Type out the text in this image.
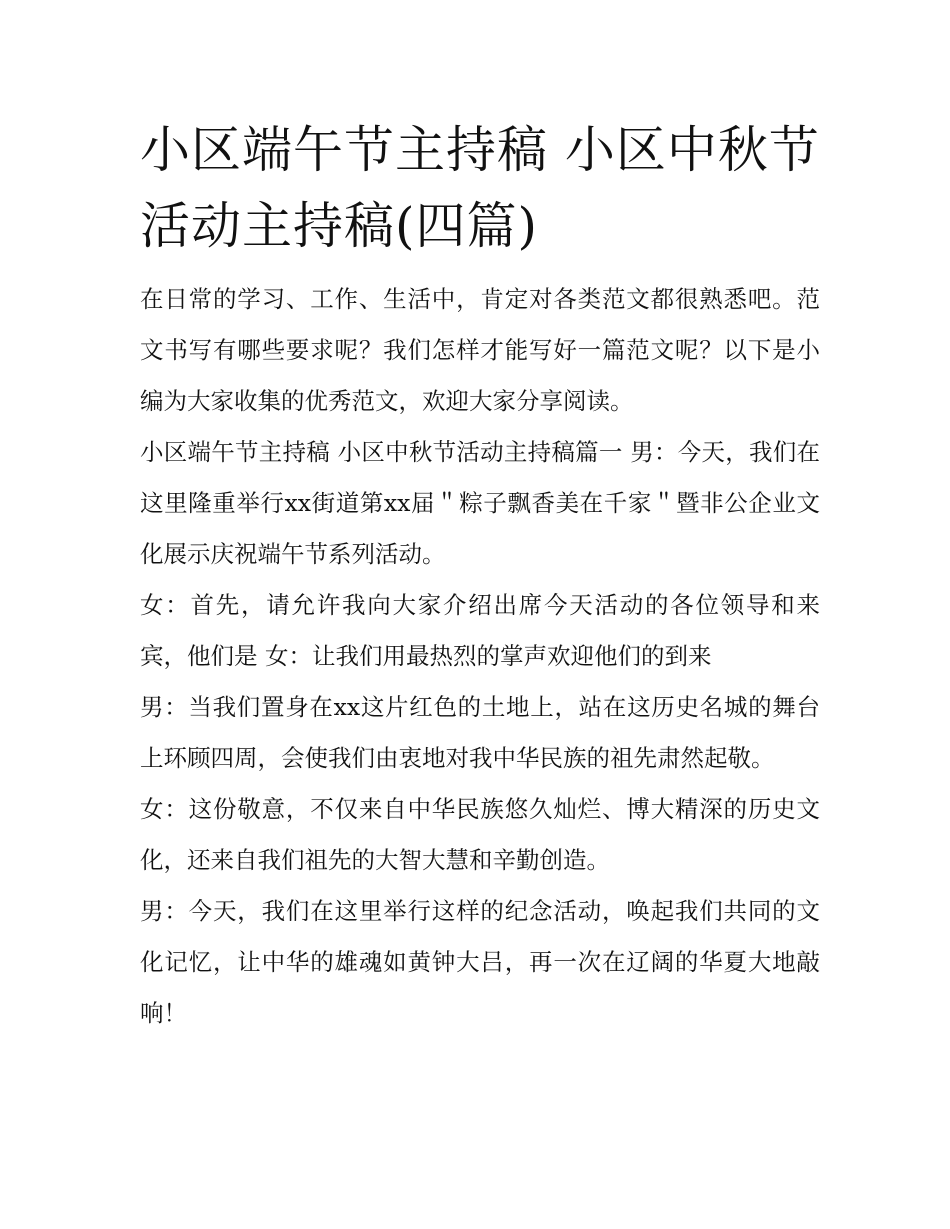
小区端午节主持稿 小区中秋节活动主持稿(四篇)

在日常的学习、工作、生活中，肯定对各类范文都很熟悉吧。范文书写有哪些要求呢？我们怎样才能写好一篇范文呢？以下是小编为大家收集的优秀范文，欢迎大家分享阅读。

小区端午节主持稿 小区中秋节活动主持稿篇一 男：今天，我们在这里隆重举行xx街道第xx届＂粽子飘香美在千家＂暨非公企业文化展示庆祝端午节系列活动。

女：首先，请允许我向大家介绍出席今天活动的各位领导和来宾，他们是 女：让我们用最热烈的掌声欢迎他们的到来

男：当我们置身在xx这片红色的土地上，站在这历史名城的舞台上环顾四周，会使我们由衷地对我中华民族的祖先肃然起敬。

女：这份敬意，不仅来自中华民族悠久灿烂、博大精深的历史文化，还来自我们祖先的大智大慧和辛勤创造。

男：今天，我们在这里举行这样的纪念活动，唤起我们共同的文化记忆，让中华的雄魂如黄钟大吕，再一次在辽阔的华夏大地敲响！
